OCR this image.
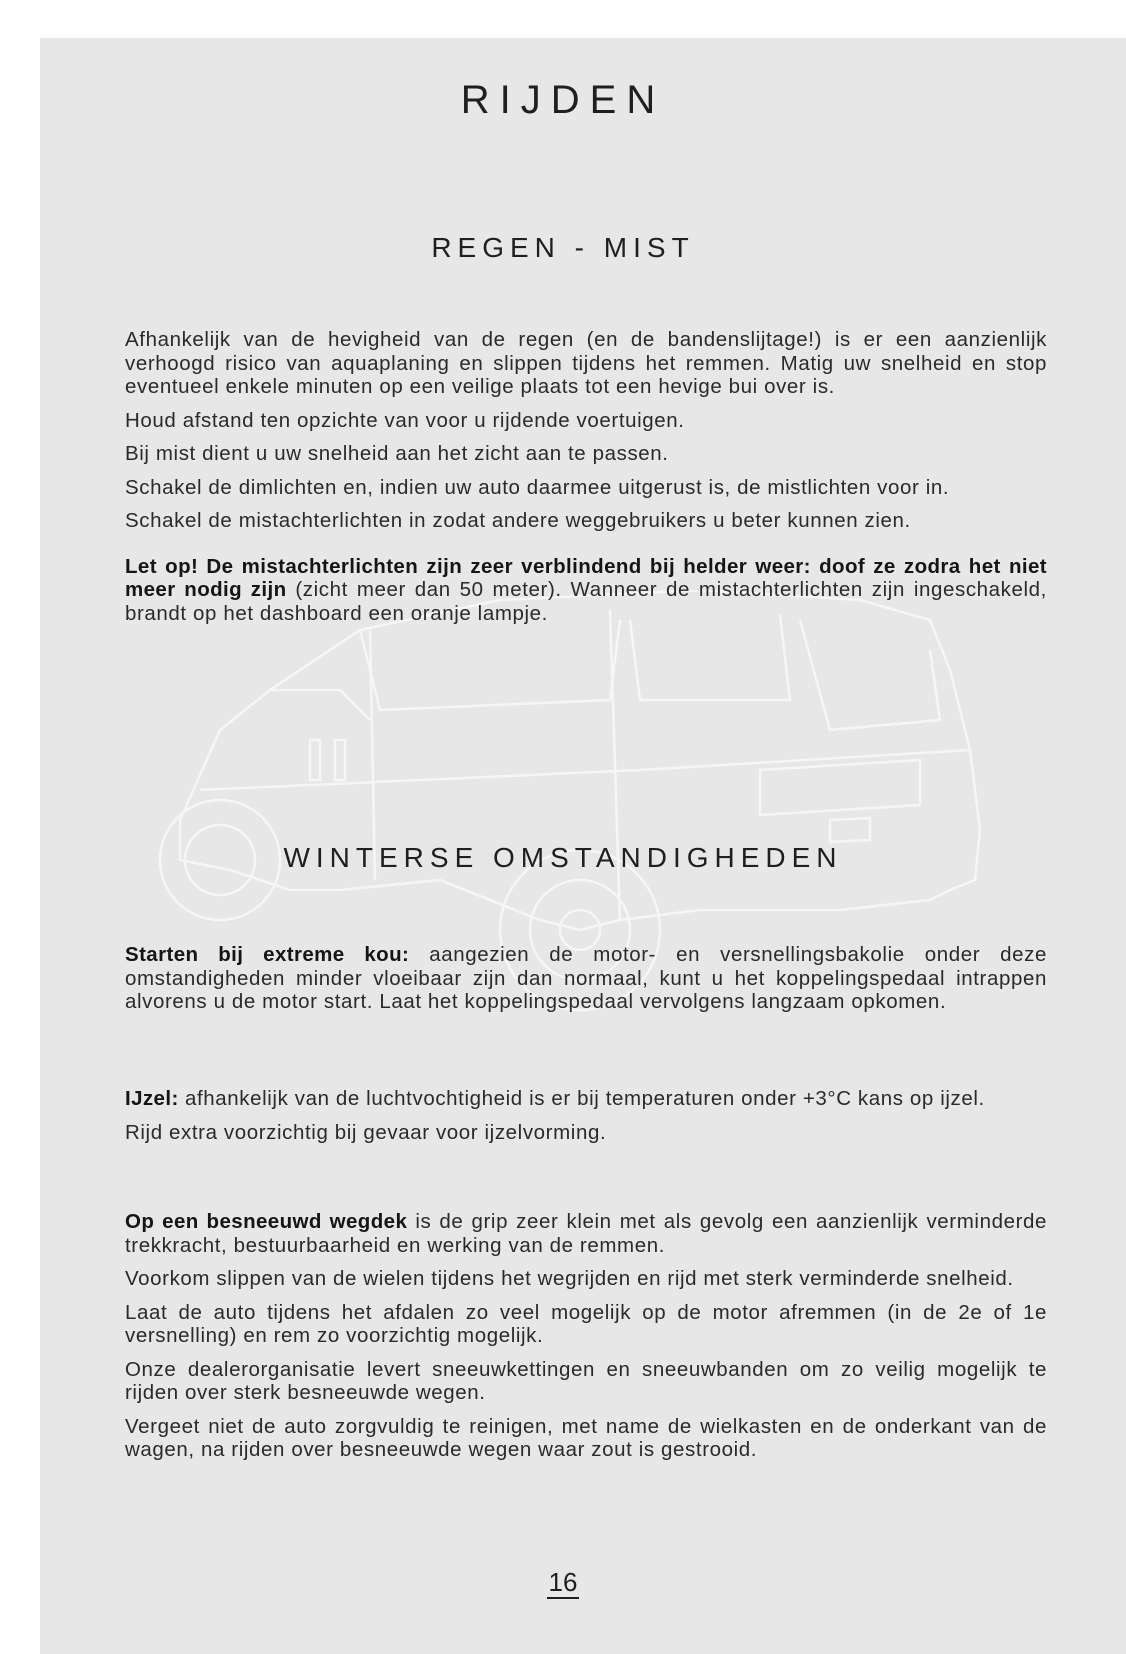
RIJDEN
REGEN - MIST

Afhankelijk van de hevigheid van de regen (en de bandenslijtage!) is er een aanzienlijk verhoogd risico van aquaplaning en slippen tijdens het remmen. Matig uw snelheid en stop eventueel enkele minuten op een veilige plaats tot een hevige bui over is.

Houd afstand ten opzichte van voor u rijdende voertuigen.

Bij mist dient u uw snelheid aan het zicht aan te passen.

Schakel de dimlichten en, indien uw auto daarmee uitgerust is, de mistlichten voor in.

Schakel de mistachterlichten in zodat andere weggebruikers u beter kunnen zien.

Let op! De mistachterlichten zijn zeer verblindend bij helder weer: doof ze zodra het niet meer nodig zijn (zicht meer dan 50 meter). Wanneer de mistachterlichten zijn ingeschakeld, brandt op het dashboard een oranje lampje.

WINTERSE OMSTANDIGHEDEN

Starten bij extreme kou: aangezien de motor- en versnellingsbakolie onder deze omstandigheden minder vloeibaar zijn dan normaal, kunt u het koppelingspedaal intrappen alvorens u de motor start. Laat het koppelingspedaal vervolgens langzaam opkomen.

IJzel: afhankelijk van de luchtvochtigheid is er bij temperaturen onder +3°C kans op ijzel.

Rijd extra voorzichtig bij gevaar voor ijzelvorming.

Op een besneeuwd wegdek is de grip zeer klein met als gevolg een aanzienlijk verminderde trekkracht, bestuurbaarheid en werking van de remmen.

Voorkom slippen van de wielen tijdens het wegrijden en rijd met sterk verminderde snelheid.

Laat de auto tijdens het afdalen zo veel mogelijk op de motor afremmen (in de 2e of 1e versnelling) en rem zo voorzichtig mogelijk.

Onze dealerorganisatie levert sneeuwkettingen en sneeuwbanden om zo veilig mogelijk te rijden over sterk besneeuwde wegen.

Vergeet niet de auto zorgvuldig te reinigen, met name de wielkasten en de onderkant van de wagen, na rijden over besneeuwde wegen waar zout is gestrooid.

16
